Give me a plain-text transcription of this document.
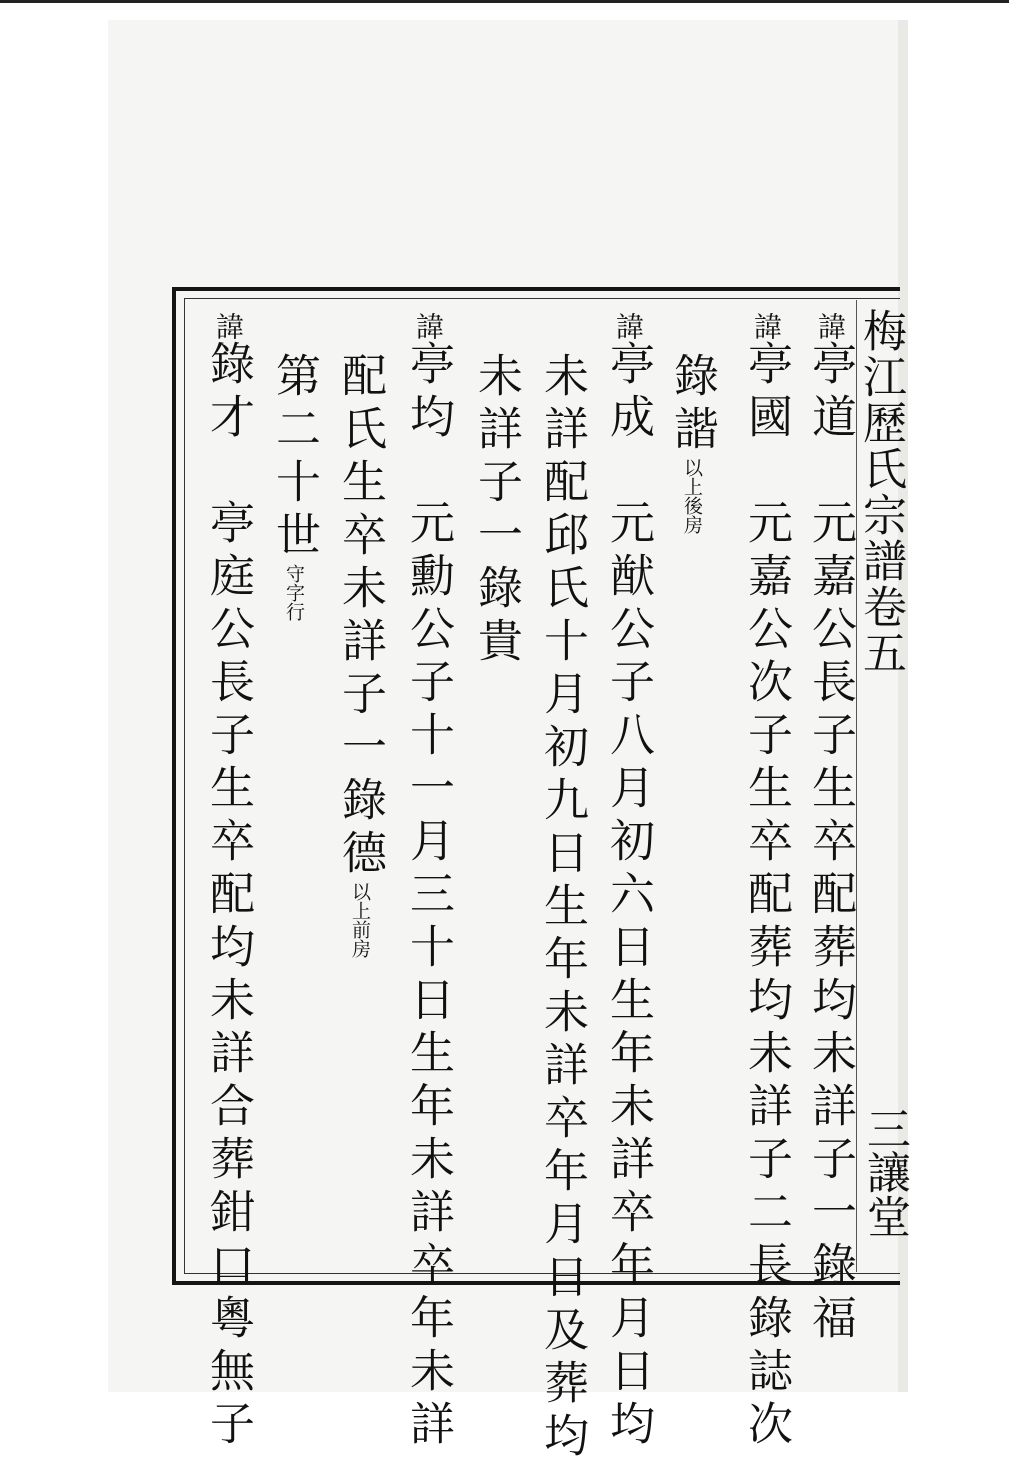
梅江歷氏宗譜卷五
三讓堂
諱亭道　元嘉公長子生卒配葬均未詳子一錄福
諱亭國　元嘉公次子生卒配葬均未詳子二長錄誌次
錄諧
以上
後房
諱亭成　元猷公子八月初六日生年未詳卒年月日均
未詳配邱氏十月初九日生年未詳卒年月日及葬均
未詳子一錄貴
諱亭均　元勳公子十一月三十日生年未詳卒年未詳
配氏生卒未詳子一錄德
以上
前房
第二十世
守字行
諱錄才　亭庭公長子生卒配均未詳合葬鉗口粵無子
